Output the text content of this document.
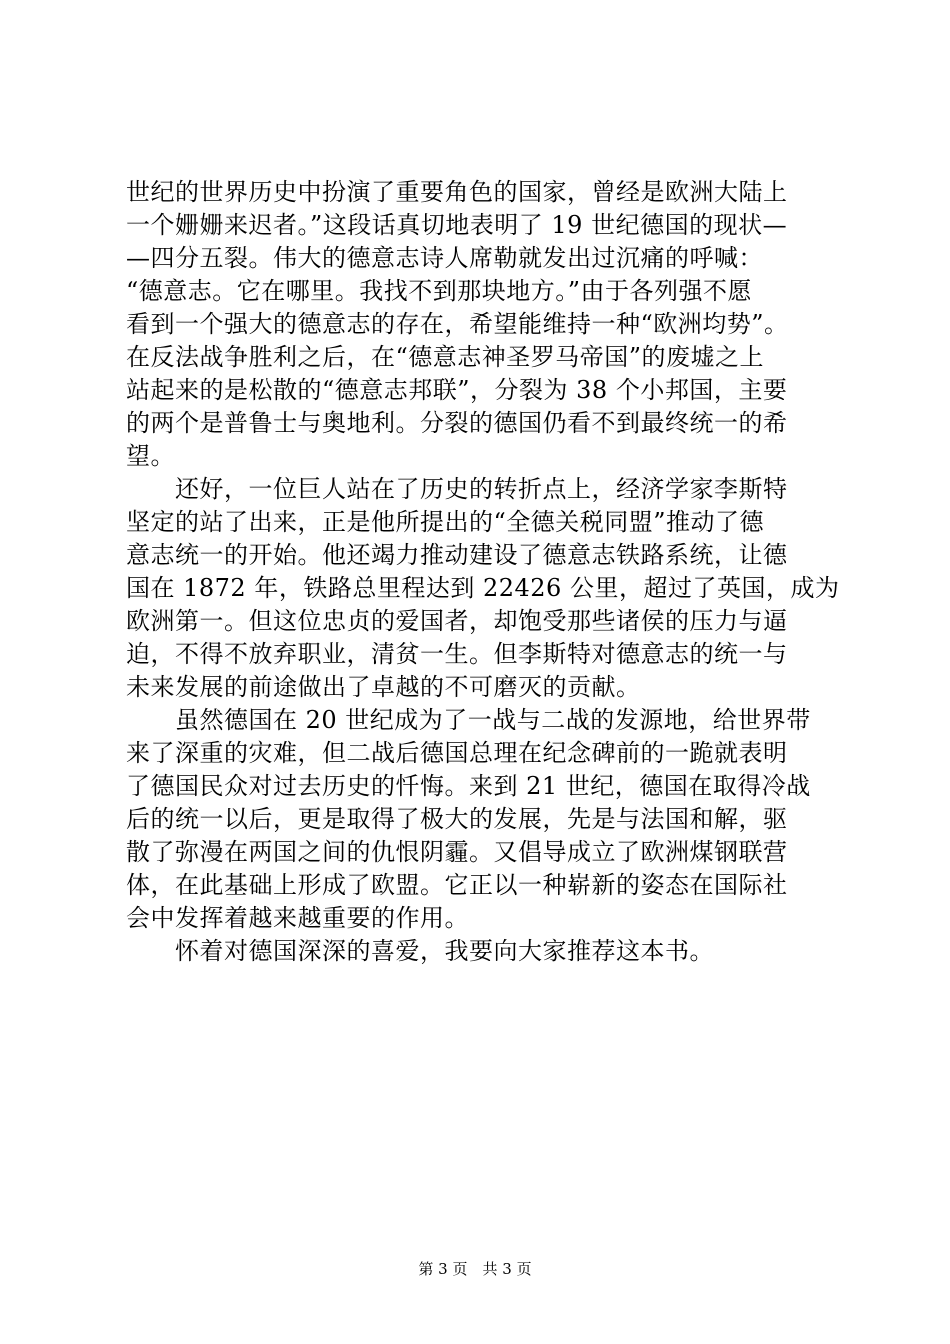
世纪的世界历史中扮演了重要角色的国家，曾经是欧洲大陆上
一个姗姗来迟者。”这段话真切地表明了 19 世纪德国的现状—
—四分五裂。伟大的德意志诗人席勒就发出过沉痛的呼喊：
“德意志。它在哪里。我找不到那块地方。”由于各列强不愿
看到一个强大的德意志的存在，希望能维持一种“欧洲均势”。
在反法战争胜利之后，在“德意志神圣罗马帝国”的废墟之上
站起来的是松散的“德意志邦联”，分裂为 38 个小邦国，主要
的两个是普鲁士与奥地利。分裂的德国仍看不到最终统一的希
望。
　　还好，一位巨人站在了历史的转折点上，经济学家李斯特
坚定的站了出来，正是他所提出的“全德关税同盟”推动了德
意志统一的开始。他还竭力推动建设了德意志铁路系统，让德
国在 1872 年，铁路总里程达到 22426 公里，超过了英国，成为
欧洲第一。但这位忠贞的爱国者，却饱受那些诸侯的压力与逼
迫，不得不放弃职业，清贫一生。但李斯特对德意志的统一与
未来发展的前途做出了卓越的不可磨灭的贡献。
　　虽然德国在 20 世纪成为了一战与二战的发源地，给世界带
来了深重的灾难，但二战后德国总理在纪念碑前的一跪就表明
了德国民众对过去历史的忏悔。来到 21 世纪，德国在取得冷战
后的统一以后，更是取得了极大的发展，先是与法国和解，驱
散了弥漫在两国之间的仇恨阴霾。又倡导成立了欧洲煤钢联营
体，在此基础上形成了欧盟。它正以一种崭新的姿态在国际社
会中发挥着越来越重要的作用。
　　怀着对德国深深的喜爱，我要向大家推荐这本书。
第 3 页　共 3 页
